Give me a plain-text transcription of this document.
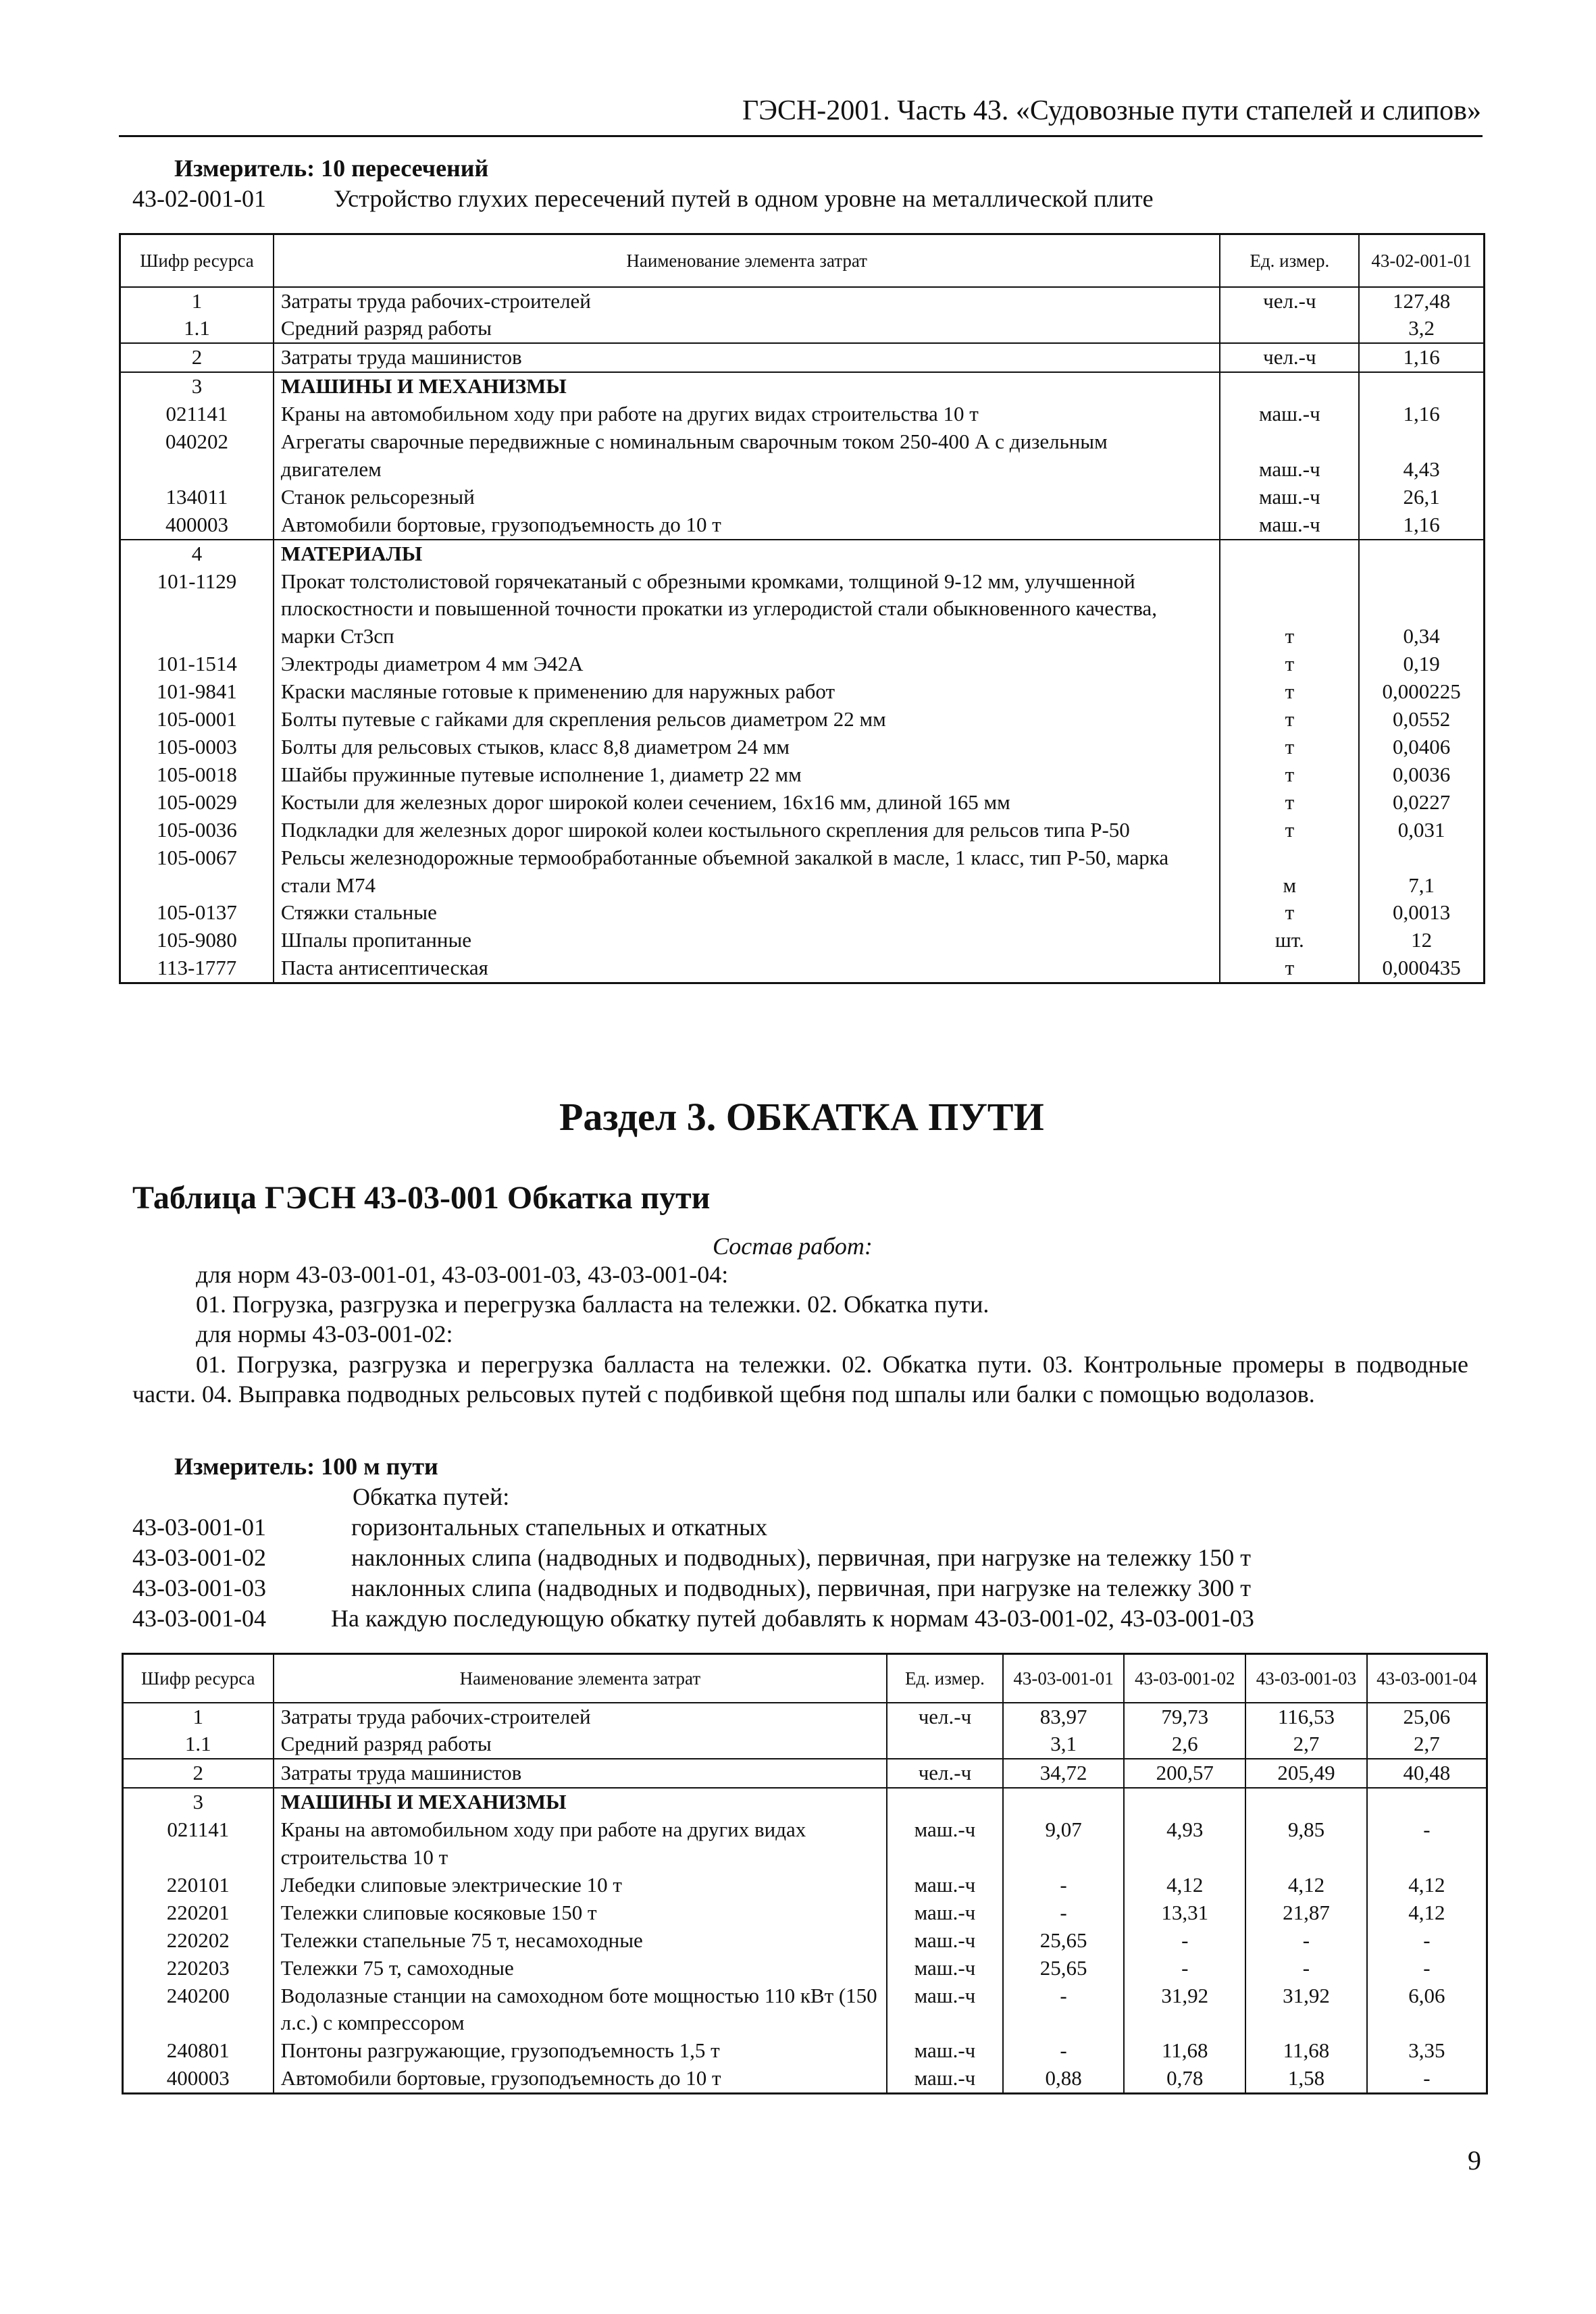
ГЭСН-2001. Часть 43. «Судовозные пути стапелей и слипов»
Измеритель: 10 пересечений
43-02-001-01	Устройство глухих пересечений путей в одном уровне на металлической плите
Шифр ресурса	Наименование элемента затрат	Ед. измер.	43-02-001-01
1	Затраты труда рабочих-строителей	чел.-ч	127,48
1.1	Средний разряд работы		3,2
2	Затраты труда машинистов	чел.-ч	1,16
3	МАШИНЫ И МЕХАНИЗМЫ		
021141	Краны на автомобильном ходу при работе на других видах строительства 10 т	маш.-ч	1,16
040202	Агрегаты сварочные передвижные с номинальным сварочным током 250-400 А с дизельным двигателем	маш.-ч	4,43
134011	Станок рельсорезный	маш.-ч	26,1
400003	Автомобили бортовые, грузоподъемность до 10 т	маш.-ч	1,16
4	МАТЕРИАЛЫ		
101-1129	Прокат толстолистовой горячекатаный с обрезными кромками, толщиной 9-12 мм, улучшенной плоскостности и повышенной точности прокатки из углеродистой стали обыкновенного качества, марки Ст3сп	т	0,34
101-1514	Электроды диаметром 4 мм Э42А	т	0,19
101-9841	Краски масляные готовые к применению для наружных работ	т	0,000225
105-0001	Болты путевые с гайками для скрепления рельсов диаметром 22 мм	т	0,0552
105-0003	Болты для рельсовых стыков, класс 8,8 диаметром 24 мм	т	0,0406
105-0018	Шайбы пружинные путевые исполнение 1, диаметр 22 мм	т	0,0036
105-0029	Костыли для железных дорог широкой колеи сечением, 16х16 мм, длиной 165 мм	т	0,0227
105-0036	Подкладки для железных дорог широкой колеи костыльного скрепления для рельсов типа Р-50	т	0,031
105-0067	Рельсы железнодорожные термообработанные объемной закалкой в масле, 1 класс, тип Р-50, марка стали М74	м	7,1
105-0137	Стяжки стальные	т	0,0013
105-9080	Шпалы пропитанные	шт.	12
113-1777	Паста антисептическая	т	0,000435
Раздел 3. ОБКАТКА ПУТИ
Таблица ГЭСН 43-03-001 Обкатка пути
Состав работ:
для норм 43-03-001-01, 43-03-001-03, 43-03-001-04:
01. Погрузка, разгрузка и перегрузка балласта на тележки. 02. Обкатка пути.
для нормы 43-03-001-02:
01. Погрузка, разгрузка и перегрузка балласта на тележки. 02. Обкатка пути. 03. Контрольные промеры в подводные части. 04. Выправка подводных рельсовых путей с подбивкой щебня под шпалы или балки с помощью водолазов.
Измеритель: 100 м пути
Обкатка путей:
43-03-001-01	горизонтальных стапельных и откатных
43-03-001-02	наклонных слипа (надводных и подводных), первичная, при нагрузке на тележку 150 т
43-03-001-03	наклонных слипа (надводных и подводных), первичная, при нагрузке на тележку 300 т
43-03-001-04	На каждую последующую обкатку путей добавлять к нормам 43-03-001-02, 43-03-001-03
Шифр ресурса	Наименование элемента затрат	Ед. измер.	43-03-001-01	43-03-001-02	43-03-001-03	43-03-001-04
1	Затраты труда рабочих-строителей	чел.-ч	83,97	79,73	116,53	25,06
1.1	Средний разряд работы		3,1	2,6	2,7	2,7
2	Затраты труда машинистов	чел.-ч	34,72	200,57	205,49	40,48
3	МАШИНЫ И МЕХАНИЗМЫ					
021141	Краны на автомобильном ходу при работе на других видах строительства 10 т	маш.-ч	9,07	4,93	9,85	-
220101	Лебедки слиповые электрические 10 т	маш.-ч	-	4,12	4,12	4,12
220201	Тележки слиповые косяковые 150 т	маш.-ч	-	13,31	21,87	4,12
220202	Тележки стапельные 75 т, несамоходные	маш.-ч	25,65	-	-	-
220203	Тележки 75 т, самоходные	маш.-ч	25,65	-	-	-
240200	Водолазные станции на самоходном боте мощностью 110 кВт (150 л.с.) с компрессором	маш.-ч	-	31,92	31,92	6,06
240801	Понтоны разгружающие, грузоподъемность 1,5 т	маш.-ч	-	11,68	11,68	3,35
400003	Автомобили бортовые, грузоподъемность до 10 т	маш.-ч	0,88	0,78	1,58	-
9
